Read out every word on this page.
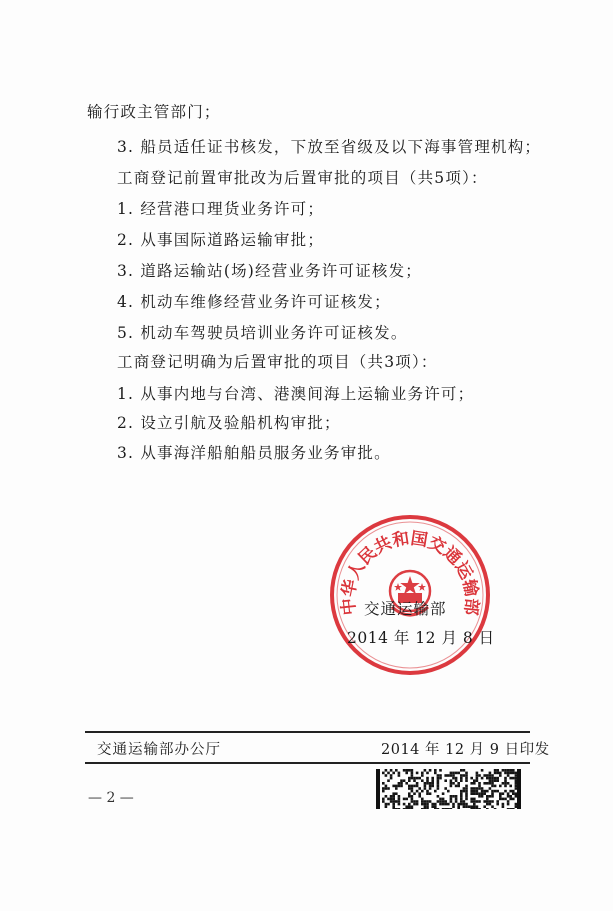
输行政主管部门；
3. 船员适任证书核发，下放至省级及以下海事管理机构；
工商登记前置审批改为后置审批的项目（共5项）：
1. 经营港口理货业务许可；
2. 从事国际道路运输审批；
3. 道路运输站(场)经营业务许可证核发；
4. 机动车维修经营业务许可证核发；
5. 机动车驾驶员培训业务许可证核发。
工商登记明确为后置审批的项目（共3项）：
1. 从事内地与台湾、港澳间海上运输业务许可；
2. 设立引航及验船机构审批；
3. 从事海洋船舶船员服务业务审批。
中华人民共和国交通运输部
交通运输部
2014 年 12 月 8 日
交通运输部办公厅	2014 年 12 月 9 日印发
— 2 —
